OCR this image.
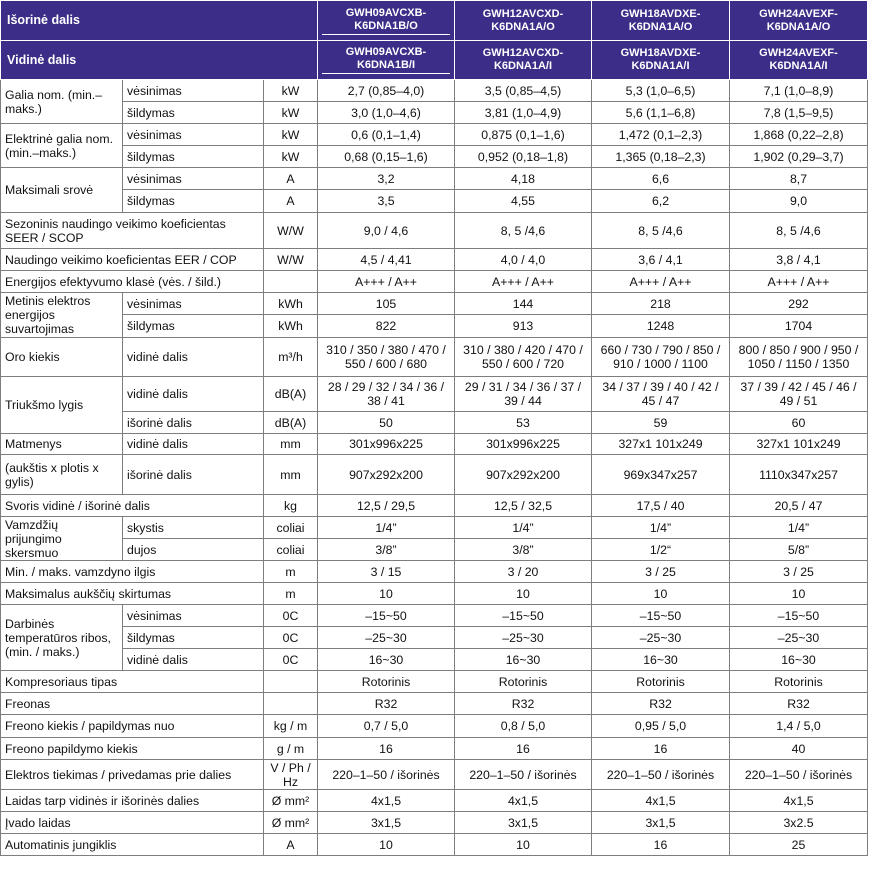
Išorinė dalis			GWH09AVCXB-K6DNA1B/O	GWH12AVCXD-K6DNA1A/O	GWH18AVDXE-K6DNA1A/O	GWH24AVEXF-K6DNA1A/O
Vidinė dalis			GWH09AVCXB-K6DNA1B/I	GWH12AVCXD-K6DNA1A/I	GWH18AVDXE-K6DNA1A/I	GWH24AVEXF-K6DNA1A/I
Galia nom. (min.–maks.)	vėsinimas	kW	2,7 (0,85–4,0)	3,5 (0,85–4,5)	5,3 (1,0–6,5)	7,1 (1,0–8,9)
	šildymas	kW	3,0 (1,0–4,6)	3,81 (1,0–4,9)	5,6 (1,1–6,8)	7,8 (1,5–9,5)
Elektrinė galia nom. (min.–maks.)	vėsinimas	kW	0,6 (0,1–1,4)	0,875 (0,1–1,6)	1,472 (0,1–2,3)	1,868 (0,22–2,8)
	šildymas	kW	0,68 (0,15–1,6)	0,952 (0,18–1,8)	1,365 (0,18–2,3)	1,902 (0,29–3,7)
Maksimali srovė	vėsinimas	A	3,2	4,18	6,6	8,7
	šildymas	A	3,5	4,55	6,2	9,0
Sezoninis naudingo veikimo koeficientas SEER / SCOP		W/W	9,0 / 4,6	8, 5 /4,6	8, 5 /4,6	8, 5 /4,6
Naudingo veikimo koeficientas EER / COP		W/W	4,5 / 4,41	4,0 / 4,0	3,6 / 4,1	3,8 / 4,1
Energijos efektyvumo klasė (vės. / šild.)			A+++ / A++	A+++ / A++	A+++ / A++	A+++ / A++
Metinis elektros energijos suvartojimas	vėsinimas	kWh	105	144	218	292
	šildymas	kWh	822	913	1248	1704
Oro kiekis	vidinė dalis	m³/h	310 / 350 / 380 / 470 / 550 / 600 / 680	310 / 380 / 420 / 470 / 550 / 600 / 720	660 / 730 / 790 / 850 / 910 / 1000 / 1100	800 / 850 / 900 / 950 / 1050 / 1150 / 1350
Triukšmo lygis	vidinė dalis	dB(A)	28 / 29 / 32 / 34 / 36 / 38 / 41	29 / 31 / 34 / 36 / 37 / 39 / 44	34 / 37 / 39 / 40 / 42 / 45 / 47	37 / 39 / 42 / 45 / 46 / 49 / 51
	išorinė dalis	dB(A)	50	53	59	60
Matmenys	vidinė dalis	mm	301x996x225	301x996x225	327x1 101x249	327x1 101x249
(aukštis x plotis x gylis)	išorinė dalis	mm	907x292x200	907x292x200	969x347x257	1110x347x257
Svoris vidinė / išorinė dalis		kg	12,5 / 29,5	12,5 / 32,5	17,5 / 40	20,5 / 47
Vamzdžių prijungimo skersmuo	skystis	coliai	1/4”	1/4”	1/4”	1/4”
	dujos	coliai	3/8”	3/8”	1/2“	5/8”
Min. / maks. vamzdyno ilgis		m	3 / 15	3 / 20	3 / 25	3 / 25
Maksimalus aukščių skirtumas		m	10	10	10	10
Darbinės temperatūros ribos, (min. / maks.)	vėsinimas	0C	–15~50	–15~50	–15~50	–15~50
	šildymas	0C	–25~30	–25~30	–25~30	–25~30
	vidinė dalis	0C	16~30	16~30	16~30	16~30
Kompresoriaus tipas			Rotorinis	Rotorinis	Rotorinis	Rotorinis
Freonas			R32	R32	R32	R32
Freono kiekis / papildymas nuo		kg / m	0,7 / 5,0	0,8 / 5,0	0,95 / 5,0	1,4 / 5,0
Freono papildymo kiekis		g / m	16	16	16	40
Elektros tiekimas / privedamas prie dalies		V / Ph / Hz	220–1–50 / išorinės	220–1–50 / išorinės	220–1–50 / išorinės	220–1–50 / išorinės
Laidas tarp vidinės ir išorinės dalies		Ø mm²	4x1,5	4x1,5	4x1,5	4x1,5
Įvado laidas		Ø mm²	3x1,5	3x1,5	3x1,5	3x2.5
Automatinis jungiklis		A	10	10	16	25
